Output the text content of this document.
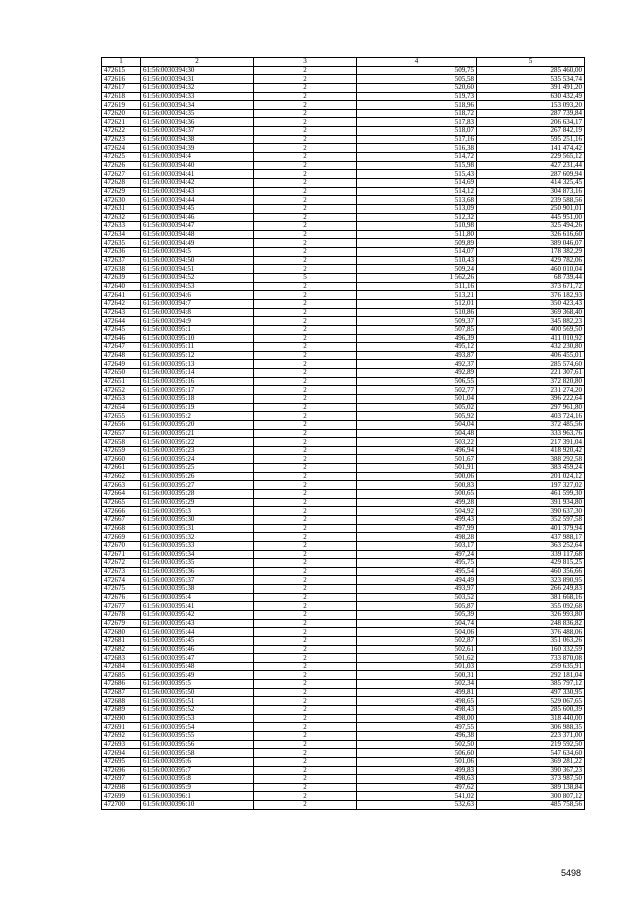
1	2	3	4	5
472615	61:56:0030394:30	2	509,75	285 460,00
472616	61:56:0030394:31	2	505,58	535 534,74
472617	61:56:0030394:32	2	520,60	391 491,20
472618	61:56:0030394:33	2	519,73	630 432,49
472619	61:56:0030394:34	2	518,96	153 093,20
472620	61:56:0030394:35	2	518,72	287 739,84
472621	61:56:0030394:36	2	517,83	206 634,17
472622	61:56:0030394:37	2	518,07	267 842,19
472623	61:56:0030394:38	2	517,16	595 251,16
472624	61:56:0030394:39	2	516,38	141 474,42
472625	61:56:0030394:4	2	514,72	229 565,12
472626	61:56:0030394:40	2	515,98	427 231,44
472627	61:56:0030394:41	2	515,43	287 609,94
472628	61:56:0030394:42	2	514,69	414 325,45
472629	61:56:0030394:43	2	514,12	304 873,16
472630	61:56:0030394:44	2	513,68	239 588,56
472631	61:56:0030394:45	2	513,09	250 901,01
472632	61:56:0030394:46	2	512,32	445 951,00
472633	61:56:0030394:47	2	510,98	325 494,26
472634	61:56:0030394:48	2	511,80	326 616,60
472635	61:56:0030394:49	2	509,89	389 046,07
472636	61:56:0030394:5	2	514,07	178 382,29
472637	61:56:0030394:50	2	510,43	429 782,06
472638	61:56:0030394:51	2	509,24	460 010,04
472639	61:56:0030394:52	5	1 562,26	68 739,44
472640	61:56:0030394:53	2	511,16	373 671,72
472641	61:56:0030394:6	2	513,21	376 182,93
472642	61:56:0030394:7	2	512,01	350 423,43
472643	61:56:0030394:8	2	510,86	369 368,40
472644	61:56:0030394:9	2	509,37	345 882,23
472645	61:56:0030395:1	2	507,85	400 569,50
472646	61:56:0030395:10	2	496,39	411 010,92
472647	61:56:0030395:11	2	495,12	432 230,80
472648	61:56:0030395:12	2	493,87	406 455,01
472649	61:56:0030395:13	2	492,37	285 574,60
472650	61:56:0030395:14	2	492,89	221 307,61
472651	61:56:0030395:16	2	506,55	372 820,80
472652	61:56:0030395:17	2	502,77	231 274,20
472653	61:56:0030395:18	2	501,04	396 222,64
472654	61:56:0030395:19	2	505,02	297 961,80
472655	61:56:0030395:2	2	505,92	403 724,16
472656	61:56:0030395:20	2	504,04	372 485,56
472657	61:56:0030395:21	2	504,48	333 963,76
472658	61:56:0030395:22	2	503,22	217 391,04
472659	61:56:0030395:23	2	496,94	418 920,42
472660	61:56:0030395:24	2	501,67	388 292,58
472661	61:56:0030395:25	2	501,91	383 459,24
472662	61:56:0030395:26	2	500,06	201 024,12
472663	61:56:0030395:27	2	500,83	197 327,02
472664	61:56:0030395:28	2	500,65	461 599,30
472665	61:56:0030395:29	2	499,28	391 934,80
472666	61:56:0030395:3	2	504,92	390 637,30
472667	61:56:0030395:30	2	499,43	352 597,58
472668	61:56:0030395:31	2	497,99	401 379,94
472669	61:56:0030395:32	2	498,28	437 988,17
472670	61:56:0030395:33	2	503,17	363 252,64
472671	61:56:0030395:34	2	497,24	339 117,68
472672	61:56:0030395:35	2	495,75	429 815,25
472673	61:56:0030395:36	2	495,54	460 356,66
472674	61:56:0030395:37	2	494,49	323 890,95
472675	61:56:0030395:38	2	493,97	266 249,83
472676	61:56:0030395:4	2	503,52	381 668,16
472677	61:56:0030395:41	2	505,87	355 092,68
472678	61:56:0030395:42	2	505,39	326 993,80
472679	61:56:0030395:43	2	504,74	248 836,82
472680	61:56:0030395:44	2	504,06	376 488,06
472681	61:56:0030395:45	2	502,87	351 063,26
472682	61:56:0030395:46	2	502,61	160 332,59
472683	61:56:0030395:47	2	501,62	733 870,08
472684	61:56:0030395:48	2	501,03	259 635,91
472685	61:56:0030395:49	2	500,31	292 181,04
472686	61:56:0030395:5	2	502,34	385 797,12
472687	61:56:0030395:50	2	499,81	497 330,95
472688	61:56:0030395:51	2	498,65	529 067,65
472689	61:56:0030395:52	2	498,43	285 600,39
472690	61:56:0030395:53	2	498,00	318 440,00
472691	61:56:0030395:54	2	497,55	306 988,35
472692	61:56:0030395:55	2	496,38	223 371,00
472693	61:56:0030395:56	2	502,50	219 592,50
472694	61:56:0030395:58	2	506,60	547 634,60
472695	61:56:0030395:6	2	501,06	369 281,22
472696	61:56:0030395:7	2	499,83	390 367,23
472697	61:56:0030395:8	2	498,63	373 987,50
472698	61:56:0030395:9	2	497,62	389 138,84
472699	61:56:0030396:1	2	541,02	300 807,12
472700	61:56:0030396:10	2	532,63	485 758,56
5498
